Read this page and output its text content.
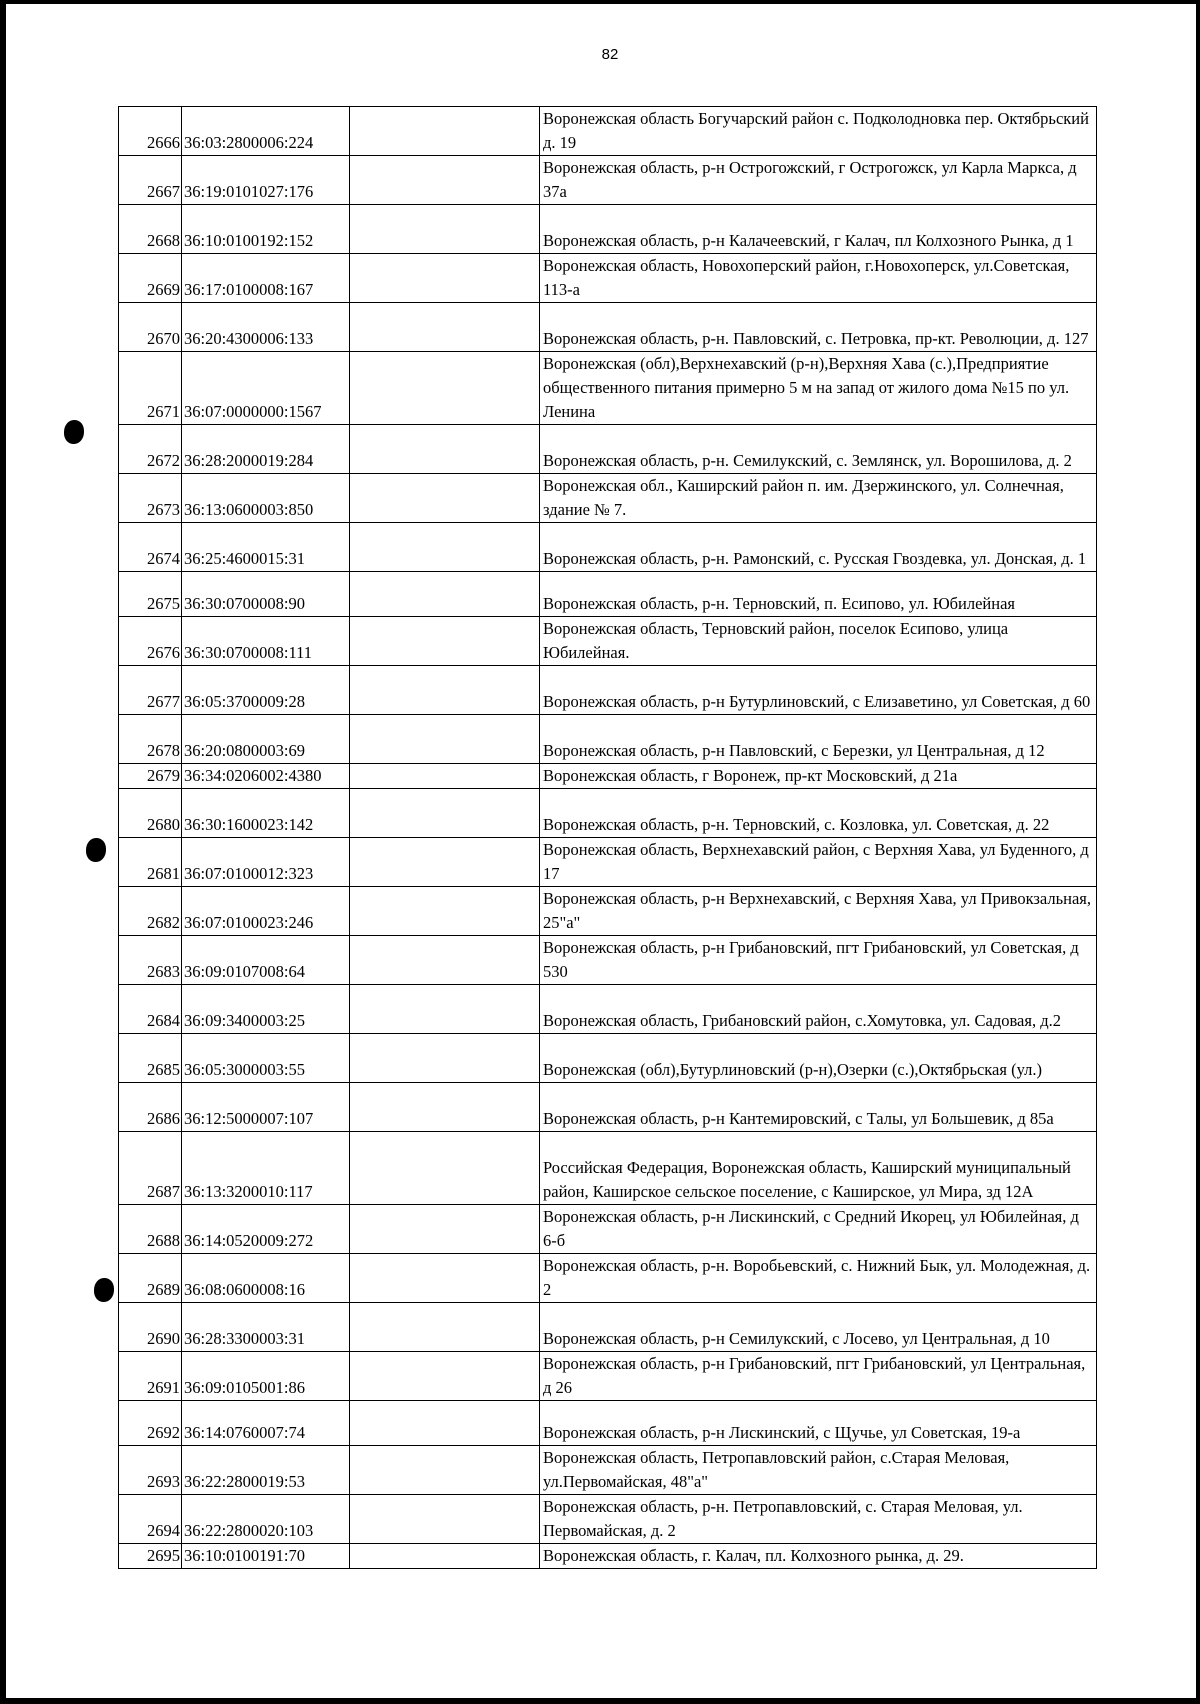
82
2666	36:03:2800006:224		Воронежская область Богучарский район с. Подколодновка пер. Октябрьский д. 19
2667	36:19:0101027:176		Воронежская область, р-н Острогожский, г Острогожск, ул Карла Маркса, д 37а
2668	36:10:0100192:152		Воронежская область, р-н Калачеевский, г Калач, пл Колхозного Рынка, д 1
2669	36:17:0100008:167		Воронежская область, Новохоперский район, г.Новохоперск, ул.Советская, 113-а
2670	36:20:4300006:133		Воронежская область, р-н. Павловский, с. Петровка, пр-кт. Революции, д. 127
2671	36:07:0000000:1567		Воронежская (обл),Верхнехавский (р-н),Верхняя Хава (с.),Предприятие общественного питания примерно 5 м на запад от жилого дома №15 по ул. Ленина
2672	36:28:2000019:284		Воронежская область, р-н. Семилукский, с. Землянск, ул. Ворошилова, д. 2
2673	36:13:0600003:850		Воронежская обл., Каширский район п. им. Дзержинского, ул. Солнечная, здание № 7.
2674	36:25:4600015:31		Воронежская область, р-н. Рамонский, с. Русская Гвоздевка, ул. Донская, д. 1
2675	36:30:0700008:90		Воронежская область, р-н. Терновский, п. Есипово, ул. Юбилейная
2676	36:30:0700008:111		Воронежская область, Терновский район, поселок Есипово, улица Юбилейная.
2677	36:05:3700009:28		Воронежская область, р-н Бутурлиновский, с Елизаветино, ул Советская, д 60
2678	36:20:0800003:69		Воронежская область, р-н Павловский, с Березки, ул Центральная, д 12
2679	36:34:0206002:4380		Воронежская область, г Воронеж, пр-кт Московский, д 21а
2680	36:30:1600023:142		Воронежская область, р-н. Терновский, с. Козловка, ул. Советская, д. 22
2681	36:07:0100012:323		Воронежская область, Верхнехавский район, с Верхняя Хава, ул Буденного, д 17
2682	36:07:0100023:246		Воронежская область, р-н Верхнехавский, с Верхняя Хава, ул Привокзальная, 25"а"
2683	36:09:0107008:64		Воронежская область, р-н Грибановский, пгт Грибановский, ул Советская, д 530
2684	36:09:3400003:25		Воронежская область, Грибановский район, с.Хомутовка, ул. Садовая, д.2
2685	36:05:3000003:55		Воронежская (обл),Бутурлиновский (р-н),Озерки (с.),Октябрьская (ул.)
2686	36:12:5000007:107		Воронежская область, р-н Кантемировский, с Талы, ул Большевик, д 85а
2687	36:13:3200010:117		Российская Федерация, Воронежская область, Каширский муниципальный район, Каширское сельское поселение, с Каширское, ул Мира, зд 12А
2688	36:14:0520009:272		Воронежская область, р-н Лискинский, с Средний Икорец, ул Юбилейная, д 6-б
2689	36:08:0600008:16		Воронежская область, р-н. Воробьевский, с. Нижний Бык, ул. Молодежная, д. 2
2690	36:28:3300003:31		Воронежская область, р-н Семилукский, с Лосево, ул Центральная, д 10
2691	36:09:0105001:86		Воронежская область, р-н Грибановский, пгт Грибановский, ул Центральная, д 26
2692	36:14:0760007:74		Воронежская область, р-н Лискинский, с Щучье, ул Советская, 19-а
2693	36:22:2800019:53		Воронежская область, Петропавловский район, с.Старая Меловая, ул.Первомайская, 48"а"
2694	36:22:2800020:103		Воронежская область, р-н. Петропавловский, с. Старая Меловая, ул. Первомайская, д. 2
2695	36:10:0100191:70		Воронежская область, г. Калач, пл. Колхозного рынка, д. 29.
